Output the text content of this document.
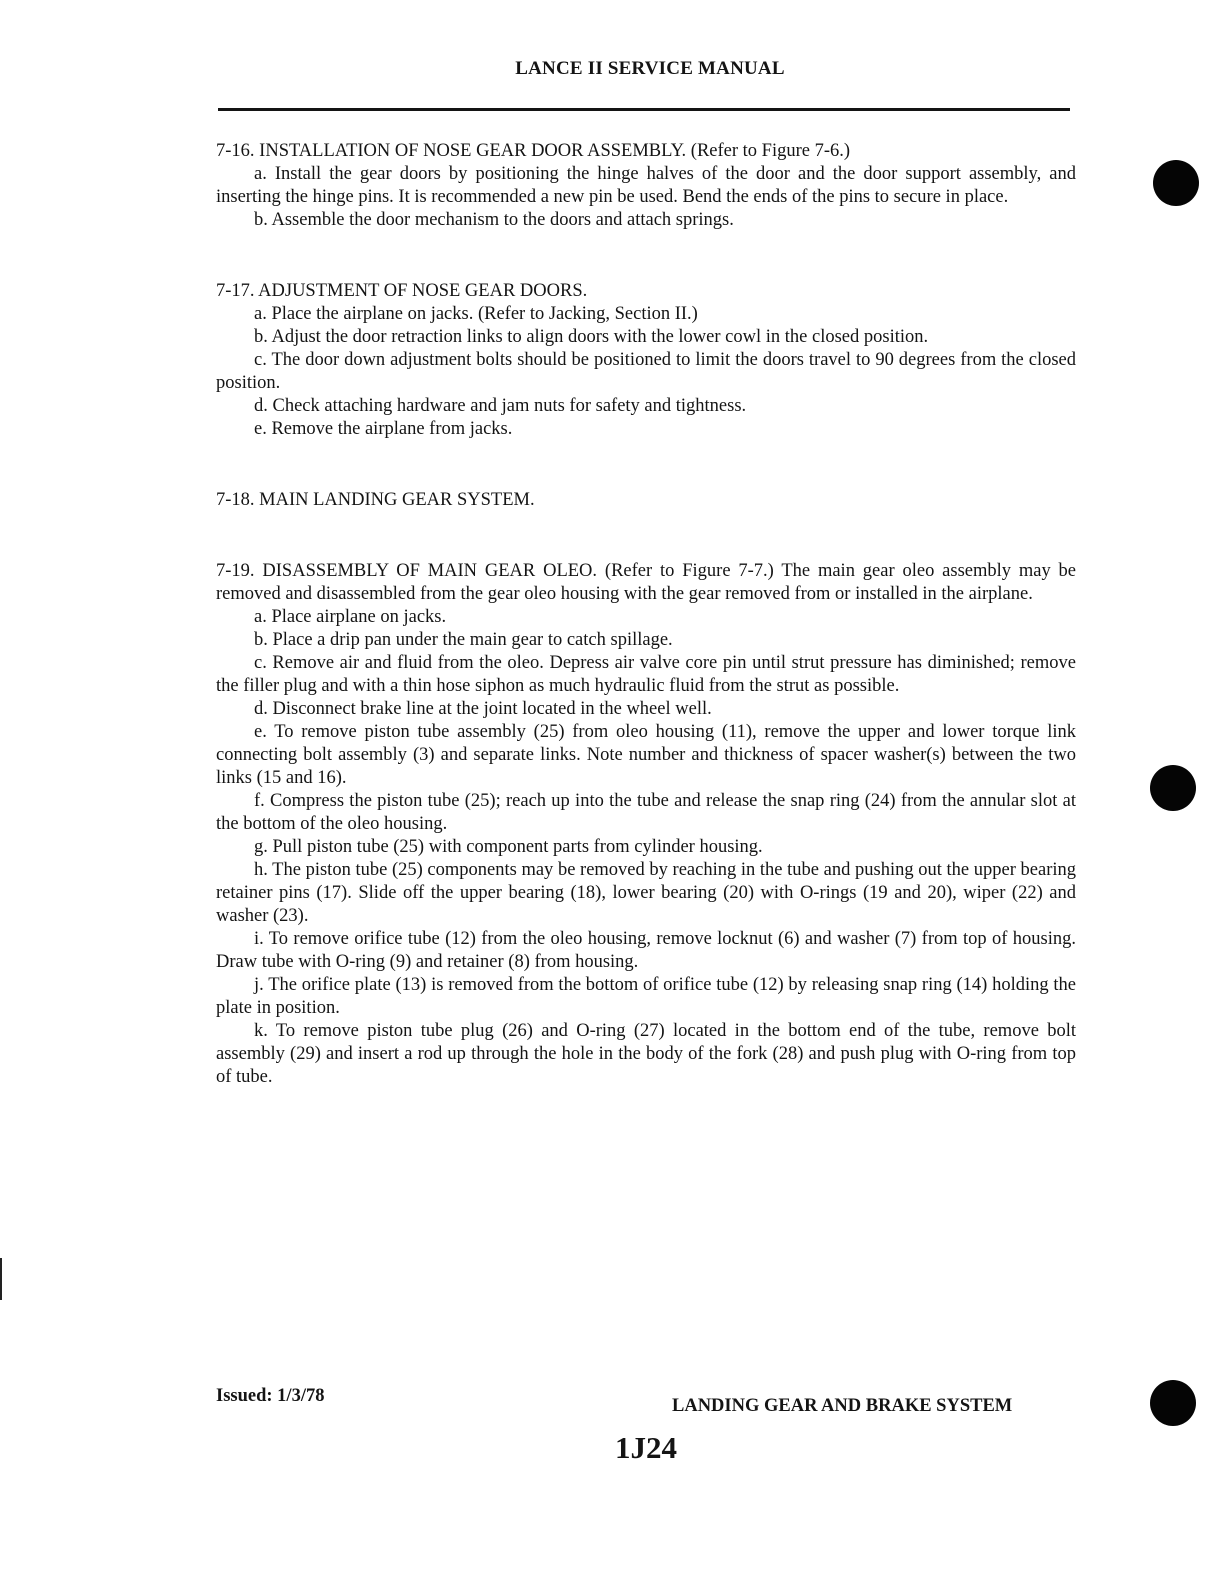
LANCE II SERVICE MANUAL
7-16. INSTALLATION OF NOSE GEAR DOOR ASSEMBLY. (Refer to Figure 7-6.)

a. Install the gear doors by positioning the hinge halves of the door and the door support assembly, and inserting the hinge pins. It is recommended a new pin be used. Bend the ends of the pins to secure in place.

b. Assemble the door mechanism to the doors and attach springs.

7-17. ADJUSTMENT OF NOSE GEAR DOORS.

a. Place the airplane on jacks. (Refer to Jacking, Section II.)

b. Adjust the door retraction links to align doors with the lower cowl in the closed position.

c. The door down adjustment bolts should be positioned to limit the doors travel to 90 degrees from the closed position.

d. Check attaching hardware and jam nuts for safety and tightness.

e. Remove the airplane from jacks.

7-18. MAIN LANDING GEAR SYSTEM.
7-19. DISASSEMBLY OF MAIN GEAR OLEO. (Refer to Figure 7-7.) The main gear oleo assembly may be removed and disassembled from the gear oleo housing with the gear removed from or installed in the airplane.

a. Place airplane on jacks.

b. Place a drip pan under the main gear to catch spillage.

c. Remove air and fluid from the oleo. Depress air valve core pin until strut pressure has diminished; remove the filler plug and with a thin hose siphon as much hydraulic fluid from the strut as possible.

d. Disconnect brake line at the joint located in the wheel well.

e. To remove piston tube assembly (25) from oleo housing (11), remove the upper and lower torque link connecting bolt assembly (3) and separate links. Note number and thickness of spacer washer(s) between the two links (15 and 16).

f. Compress the piston tube (25); reach up into the tube and release the snap ring (24) from the annular slot at the bottom of the oleo housing.

g. Pull piston tube (25) with component parts from cylinder housing.

h. The piston tube (25) components may be removed by reaching in the tube and pushing out the upper bearing retainer pins (17). Slide off the upper bearing (18), lower bearing (20) with O-rings (19 and 20), wiper (22) and washer (23).

i. To remove orifice tube (12) from the oleo housing, remove locknut (6) and washer (7) from top of housing. Draw tube with O-ring (9) and retainer (8) from housing.

j. The orifice plate (13) is removed from the bottom of orifice tube (12) by releasing snap ring (14) holding the plate in position.

k. To remove piston tube plug (26) and O-ring (27) located in the bottom end of the tube, remove bolt assembly (29) and insert a rod up through the hole in the body of the fork (28) and push plug with O-ring from top of tube.

Issued: 1/3/78	LANDING GEAR AND BRAKE SYSTEM
1J24
